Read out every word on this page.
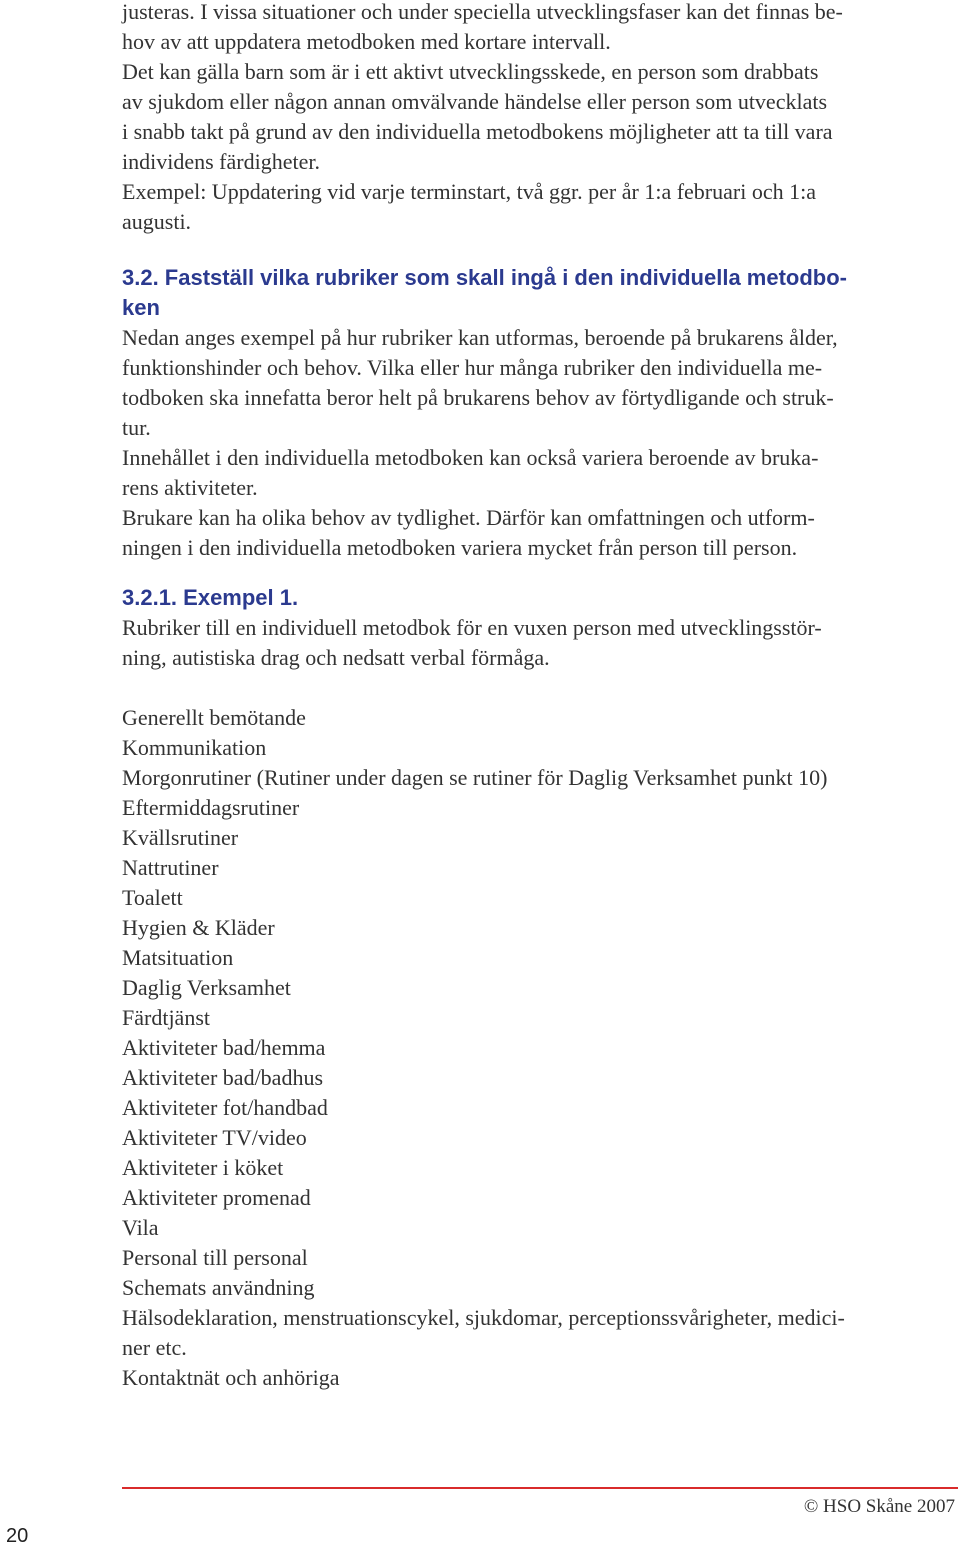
justeras. I vissa situationer och under speciella utvecklingsfaser kan det finnas be-
hov av att uppdatera metodboken med kortare intervall.
Det kan gälla barn som är i ett aktivt utvecklingsskede, en person som drabbats
av sjukdom eller någon annan omvälvande händelse eller person som utvecklats
i snabb takt på grund av den individuella metodbokens möjligheter att ta till vara
individens färdigheter.
Exempel: Uppdatering vid varje terminstart, två ggr. per år 1:a februari och 1:a
augusti.

3.2. Fastställ vilka rubriker som skall ingå i den individuella metodbo-
ken

Nedan anges exempel på hur rubriker kan utformas, beroende på brukarens ålder,
funktionshinder och behov. Vilka eller hur många rubriker den individuella me-
todboken ska innefatta beror helt på brukarens behov av förtydligande och struk-
tur.
Innehållet i den individuella metodboken kan också variera beroende av bruka-
rens aktiviteter.
Brukare kan ha olika behov av tydlighet. Därför kan omfattningen och utform-
ningen i den individuella metodboken variera mycket från person till person.

3.2.1. Exempel 1.

Rubriker till en individuell metodbok för en vuxen person med utvecklingsstör-
ning, autistiska drag och nedsatt verbal förmåga.

Generellt bemötande
Kommunikation
Morgonrutiner (Rutiner under dagen se rutiner för Daglig Verksamhet punkt 10)
Eftermiddagsrutiner
Kvällsrutiner
Nattrutiner
Toalett
Hygien & Kläder
Matsituation
Daglig Verksamhet
Färdtjänst
Aktiviteter bad/hemma
Aktiviteter bad/badhus
Aktiviteter fot/handbad
Aktiviteter TV/video
Aktiviteter i köket
Aktiviteter promenad
Vila
Personal till personal
Schemats användning
Hälsodeklaration, menstruationscykel, sjukdomar, perceptionssvårigheter, medici-
ner etc.
Kontaktnät och anhöriga
© HSO Skåne 2007
20
